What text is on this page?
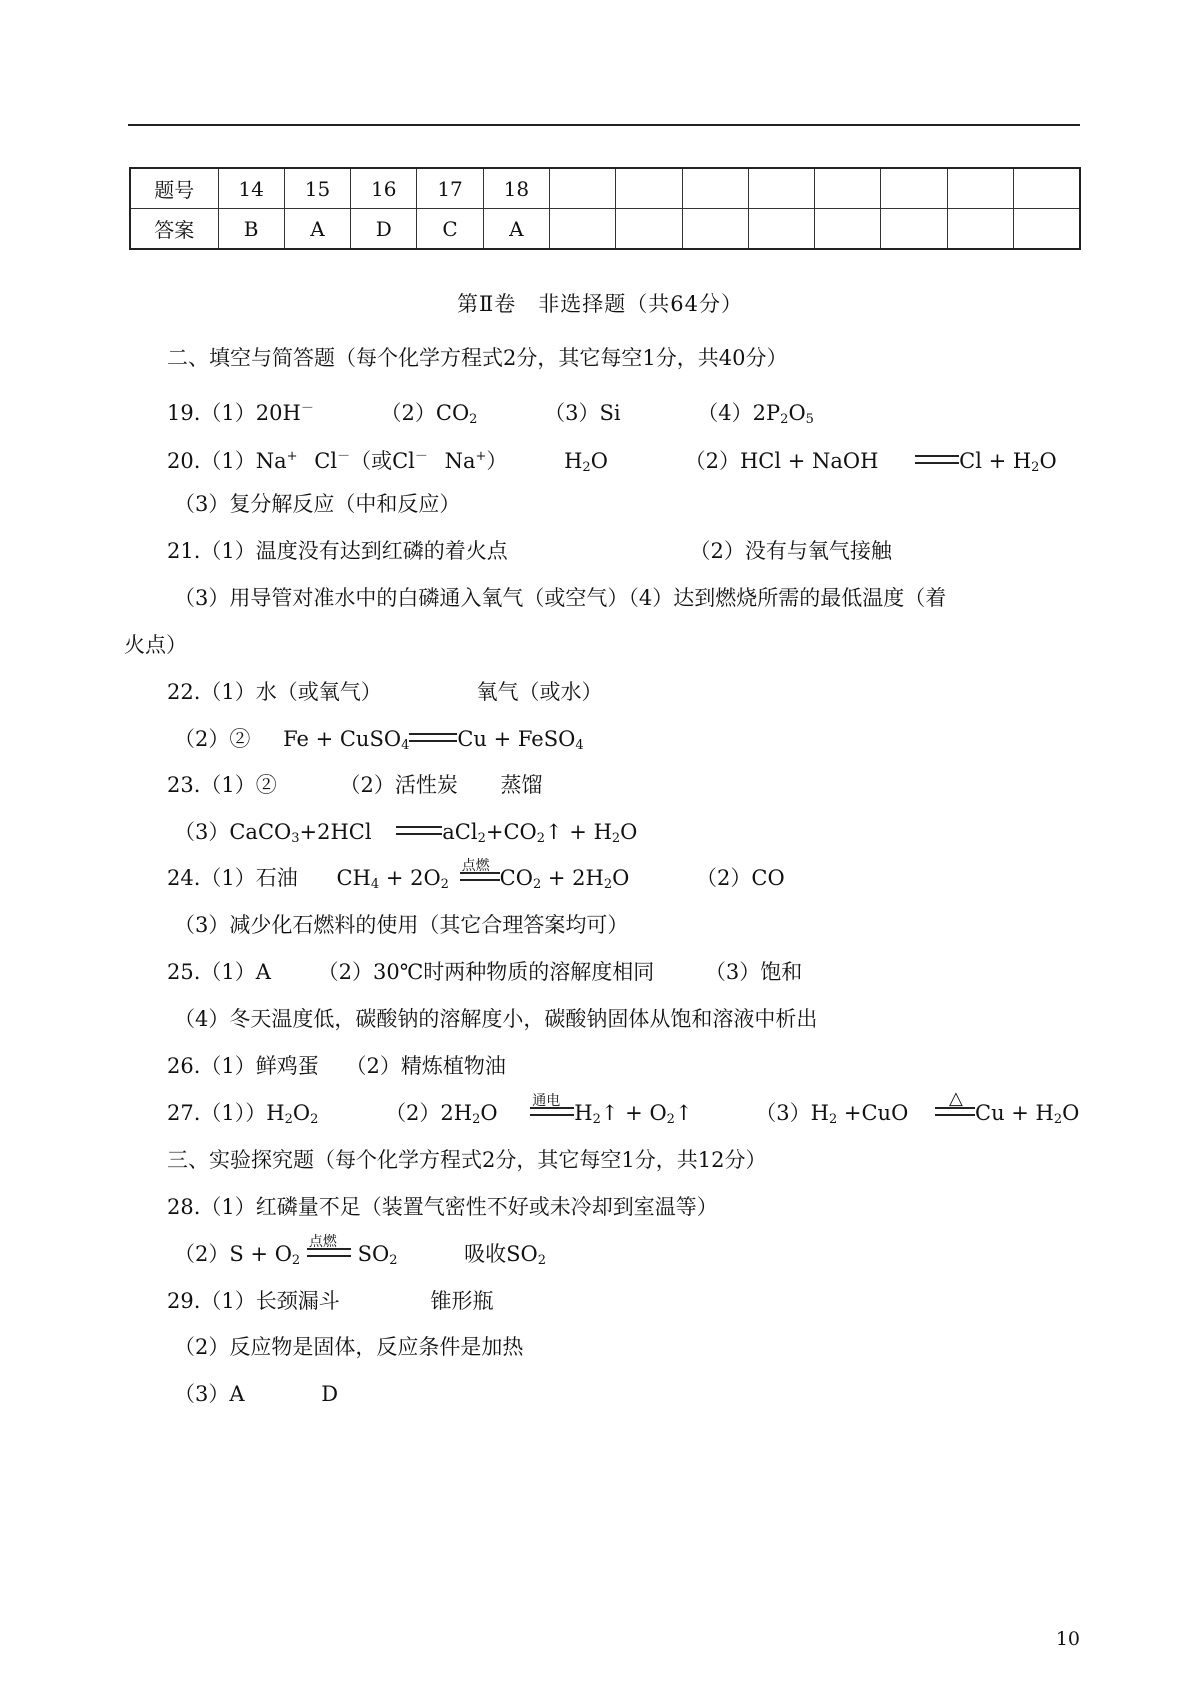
题号	14	15	16	17	18								
答案	B	A	D	C	A								
第Ⅱ卷　非选择题（共64分）
二、填空与简答题（每个化学方程式2分，其它每空1分，共40分）
19.（1）20H－	$(2)CO_2$	（3）Si	$(4)2P_2O_5$
20.（1）Na+ Cl－（或Cl－ Na+）	$H_2O$	（2）HCl + NaOH	$Cl + H_2O$
（3）复分解反应（中和反应）
21.（1）温度没有达到红磷的着火点	（2）没有与氧气接触
（3）用导管对准水中的白磷通入氧气（或空气）（4）达到燃烧所需的最低温度（着
火点）
22.（1）水（或氧气）	氧气（或水）
（2）② Fe + CuSO$_4$ Cu + FeSO$_4$
23.（1）②	（2）活性炭 蒸馏
（3）CaCO$_3$+2HCl	$aCl_2+CO_2↑ + H_2O$
24.（1）石油 $CH_4 + 2O_2$
点燃 $CO_2 + 2H_2O$	（2）CO
（3）减少化石燃料的使用（其它合理答案均可）
25.（1）A （2）30℃时两种物质的溶解度相同 （3）饱和
（4）冬天温度低，碳酸钠的溶解度小，碳酸钠固体从饱和溶液中析出
26.（1）鲜鸡蛋 （2）精炼植物油
$27.(1))H_2O_2$	$(2)2H_2O$ 通电 $H_2↑$ + $O_2↑$	$(3)H_2 +CuO$
△
$Cu + H_2O$
三、实验探究题（每个化学方程式2分，其它每空1分，共12分）
28.（1）红磷量不足（装置气密性不好或未冷却到室温等）
$(2)S + O_2$
点燃 $SO_2$	吸收$SO_2$
29.（1）长颈漏斗	锥形瓶
（2）反应物是固体，反应条件是加热
（3）A	D
10
